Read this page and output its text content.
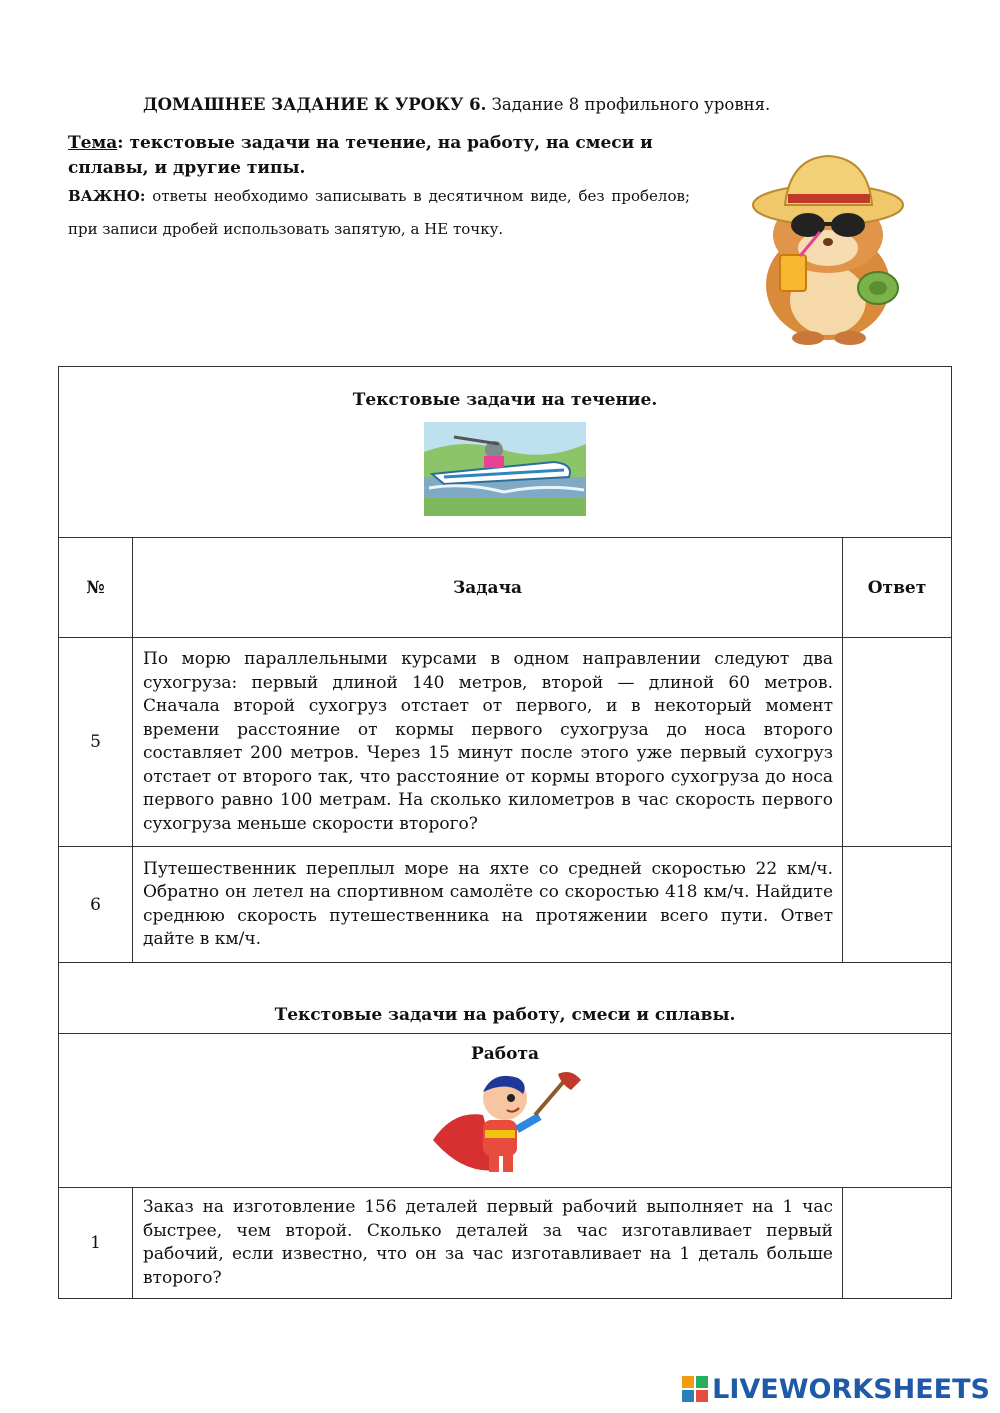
ДОМАШНЕЕ ЗАДАНИЕ К УРОКУ 6. Задание 8 профильного уровня.
Тема: текстовые задачи на течение, на работу, на смеси и сплавы, и другие типы.
ВАЖНО: ответы необходимо записывать в десятичном виде, без пробелов; при записи дробей использовать запятую, а НЕ точку.
Текстовые задачи на течение.		

№	Задача	Ответ
5	По морю параллельными курсами в одном направлении следуют два сухогруза: первый длиной 140 метров, второй — длиной 60 метров. Сначала второй сухогруз отстает от первого, и в некоторый момент времени расстояние от кормы первого сухогруза до носа второго составляет 200 метров. Через 15 минут после этого уже первый сухогруз отстает от второго так, что расстояние от кормы второго сухогруза до носа первого равно 100 метрам. На сколько километров в час скорость первого сухогруза меньше скорости второго?	
6	Путешественник переплыл море на яхте со средней скоростью 22 км/ч. Обратно он летел на спортивном самолёте со скоростью 418 км/ч. Найдите среднюю скорость путешественника на протяжении всего пути. Ответ дайте в км/ч.	
Текстовые задачи на работу, смеси и сплавы.		

Работа		

1	Заказ на изготовление 156 деталей первый рабочий выполняет на 1 час быстрее, чем второй. Сколько деталей за час изготавливает первый рабочий, если известно, что он за час изготавливает на 1 деталь больше второго?	
LIVEWORKSHEETS
